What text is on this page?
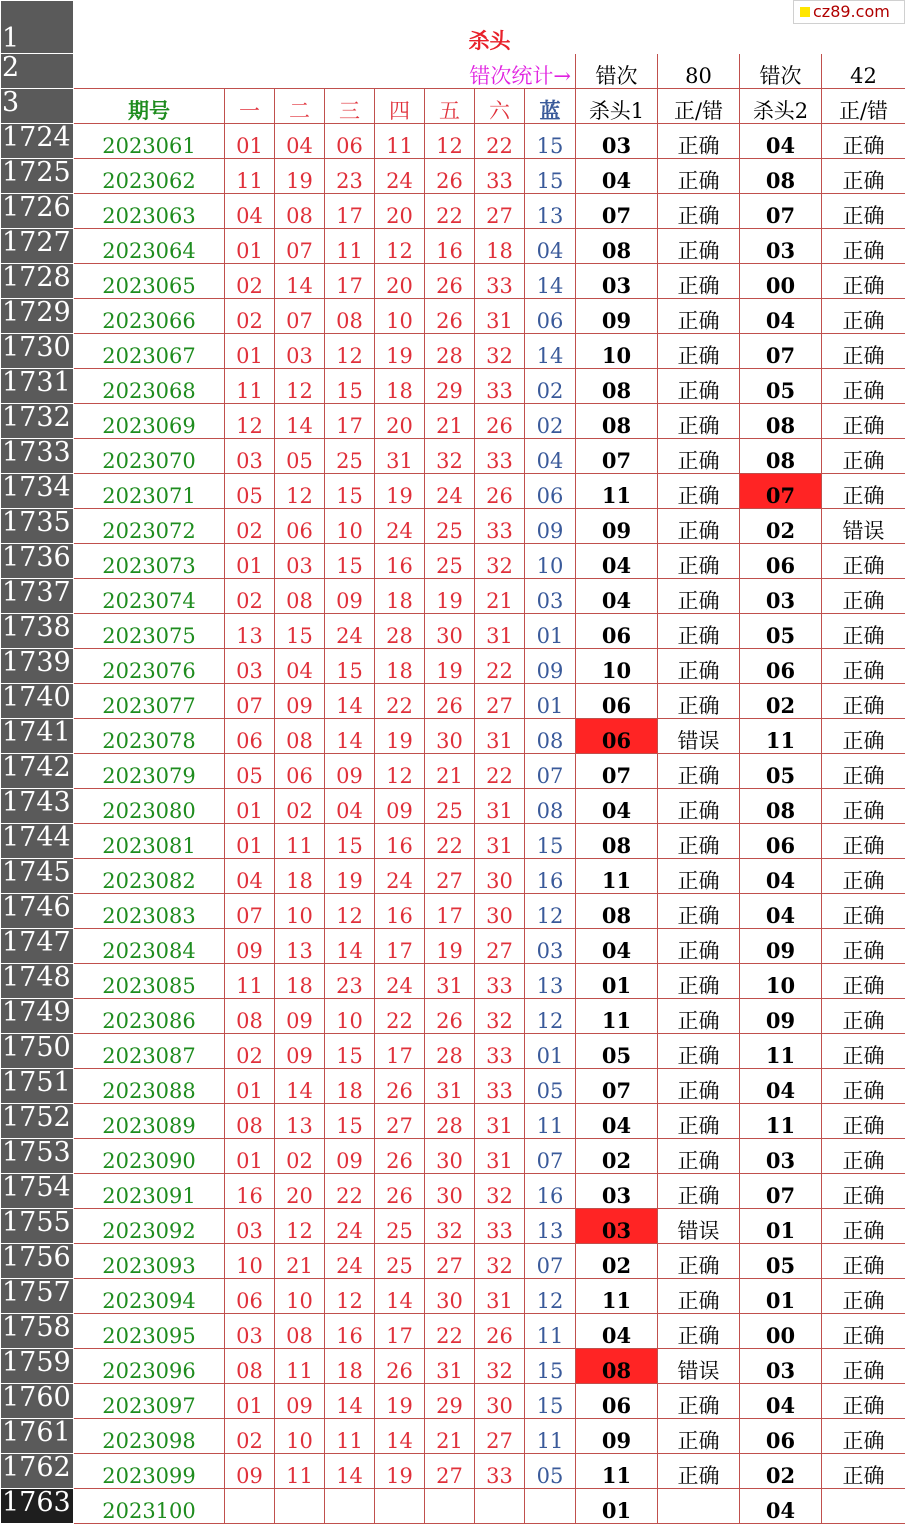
1	杀头											
2	错次统计→								错次	80	错次	42
3	期号	一	二	三	四	五	六	蓝	杀头1	正/错	杀头2	正/错
1724	2023061	01	04	06	11	12	22	15	03	正确	04	正确
1725	2023062	11	19	23	24	26	33	15	04	正确	08	正确
1726	2023063	04	08	17	20	22	27	13	07	正确	07	正确
1727	2023064	01	07	11	12	16	18	04	08	正确	03	正确
1728	2023065	02	14	17	20	26	33	14	03	正确	00	正确
1729	2023066	02	07	08	10	26	31	06	09	正确	04	正确
1730	2023067	01	03	12	19	28	32	14	10	正确	07	正确
1731	2023068	11	12	15	18	29	33	02	08	正确	05	正确
1732	2023069	12	14	17	20	21	26	02	08	正确	08	正确
1733	2023070	03	05	25	31	32	33	04	07	正确	08	正确
1734	2023071	05	12	15	19	24	26	06	11	正确	07	正确
1735	2023072	02	06	10	24	25	33	09	09	正确	02	错误
1736	2023073	01	03	15	16	25	32	10	04	正确	06	正确
1737	2023074	02	08	09	18	19	21	03	04	正确	03	正确
1738	2023075	13	15	24	28	30	31	01	06	正确	05	正确
1739	2023076	03	04	15	18	19	22	09	10	正确	06	正确
1740	2023077	07	09	14	22	26	27	01	06	正确	02	正确
1741	2023078	06	08	14	19	30	31	08	06	错误	11	正确
1742	2023079	05	06	09	12	21	22	07	07	正确	05	正确
1743	2023080	01	02	04	09	25	31	08	04	正确	08	正确
1744	2023081	01	11	15	16	22	31	15	08	正确	06	正确
1745	2023082	04	18	19	24	27	30	16	11	正确	04	正确
1746	2023083	07	10	12	16	17	30	12	08	正确	04	正确
1747	2023084	09	13	14	17	19	27	03	04	正确	09	正确
1748	2023085	11	18	23	24	31	33	13	01	正确	10	正确
1749	2023086	08	09	10	22	26	32	12	11	正确	09	正确
1750	2023087	02	09	15	17	28	33	01	05	正确	11	正确
1751	2023088	01	14	18	26	31	33	05	07	正确	04	正确
1752	2023089	08	13	15	27	28	31	11	04	正确	11	正确
1753	2023090	01	02	09	26	30	31	07	02	正确	03	正确
1754	2023091	16	20	22	26	30	32	16	03	正确	07	正确
1755	2023092	03	12	24	25	32	33	13	03	错误	01	正确
1756	2023093	10	21	24	25	27	32	07	02	正确	05	正确
1757	2023094	06	10	12	14	30	31	12	11	正确	01	正确
1758	2023095	03	08	16	17	22	26	11	04	正确	00	正确
1759	2023096	08	11	18	26	31	32	15	08	错误	03	正确
1760	2023097	01	09	14	19	29	30	15	06	正确	04	正确
1761	2023098	02	10	11	14	21	27	11	09	正确	06	正确
1762	2023099	09	11	14	19	27	33	05	11	正确	02	正确
1763	2023100								01		04	
cz89.com
